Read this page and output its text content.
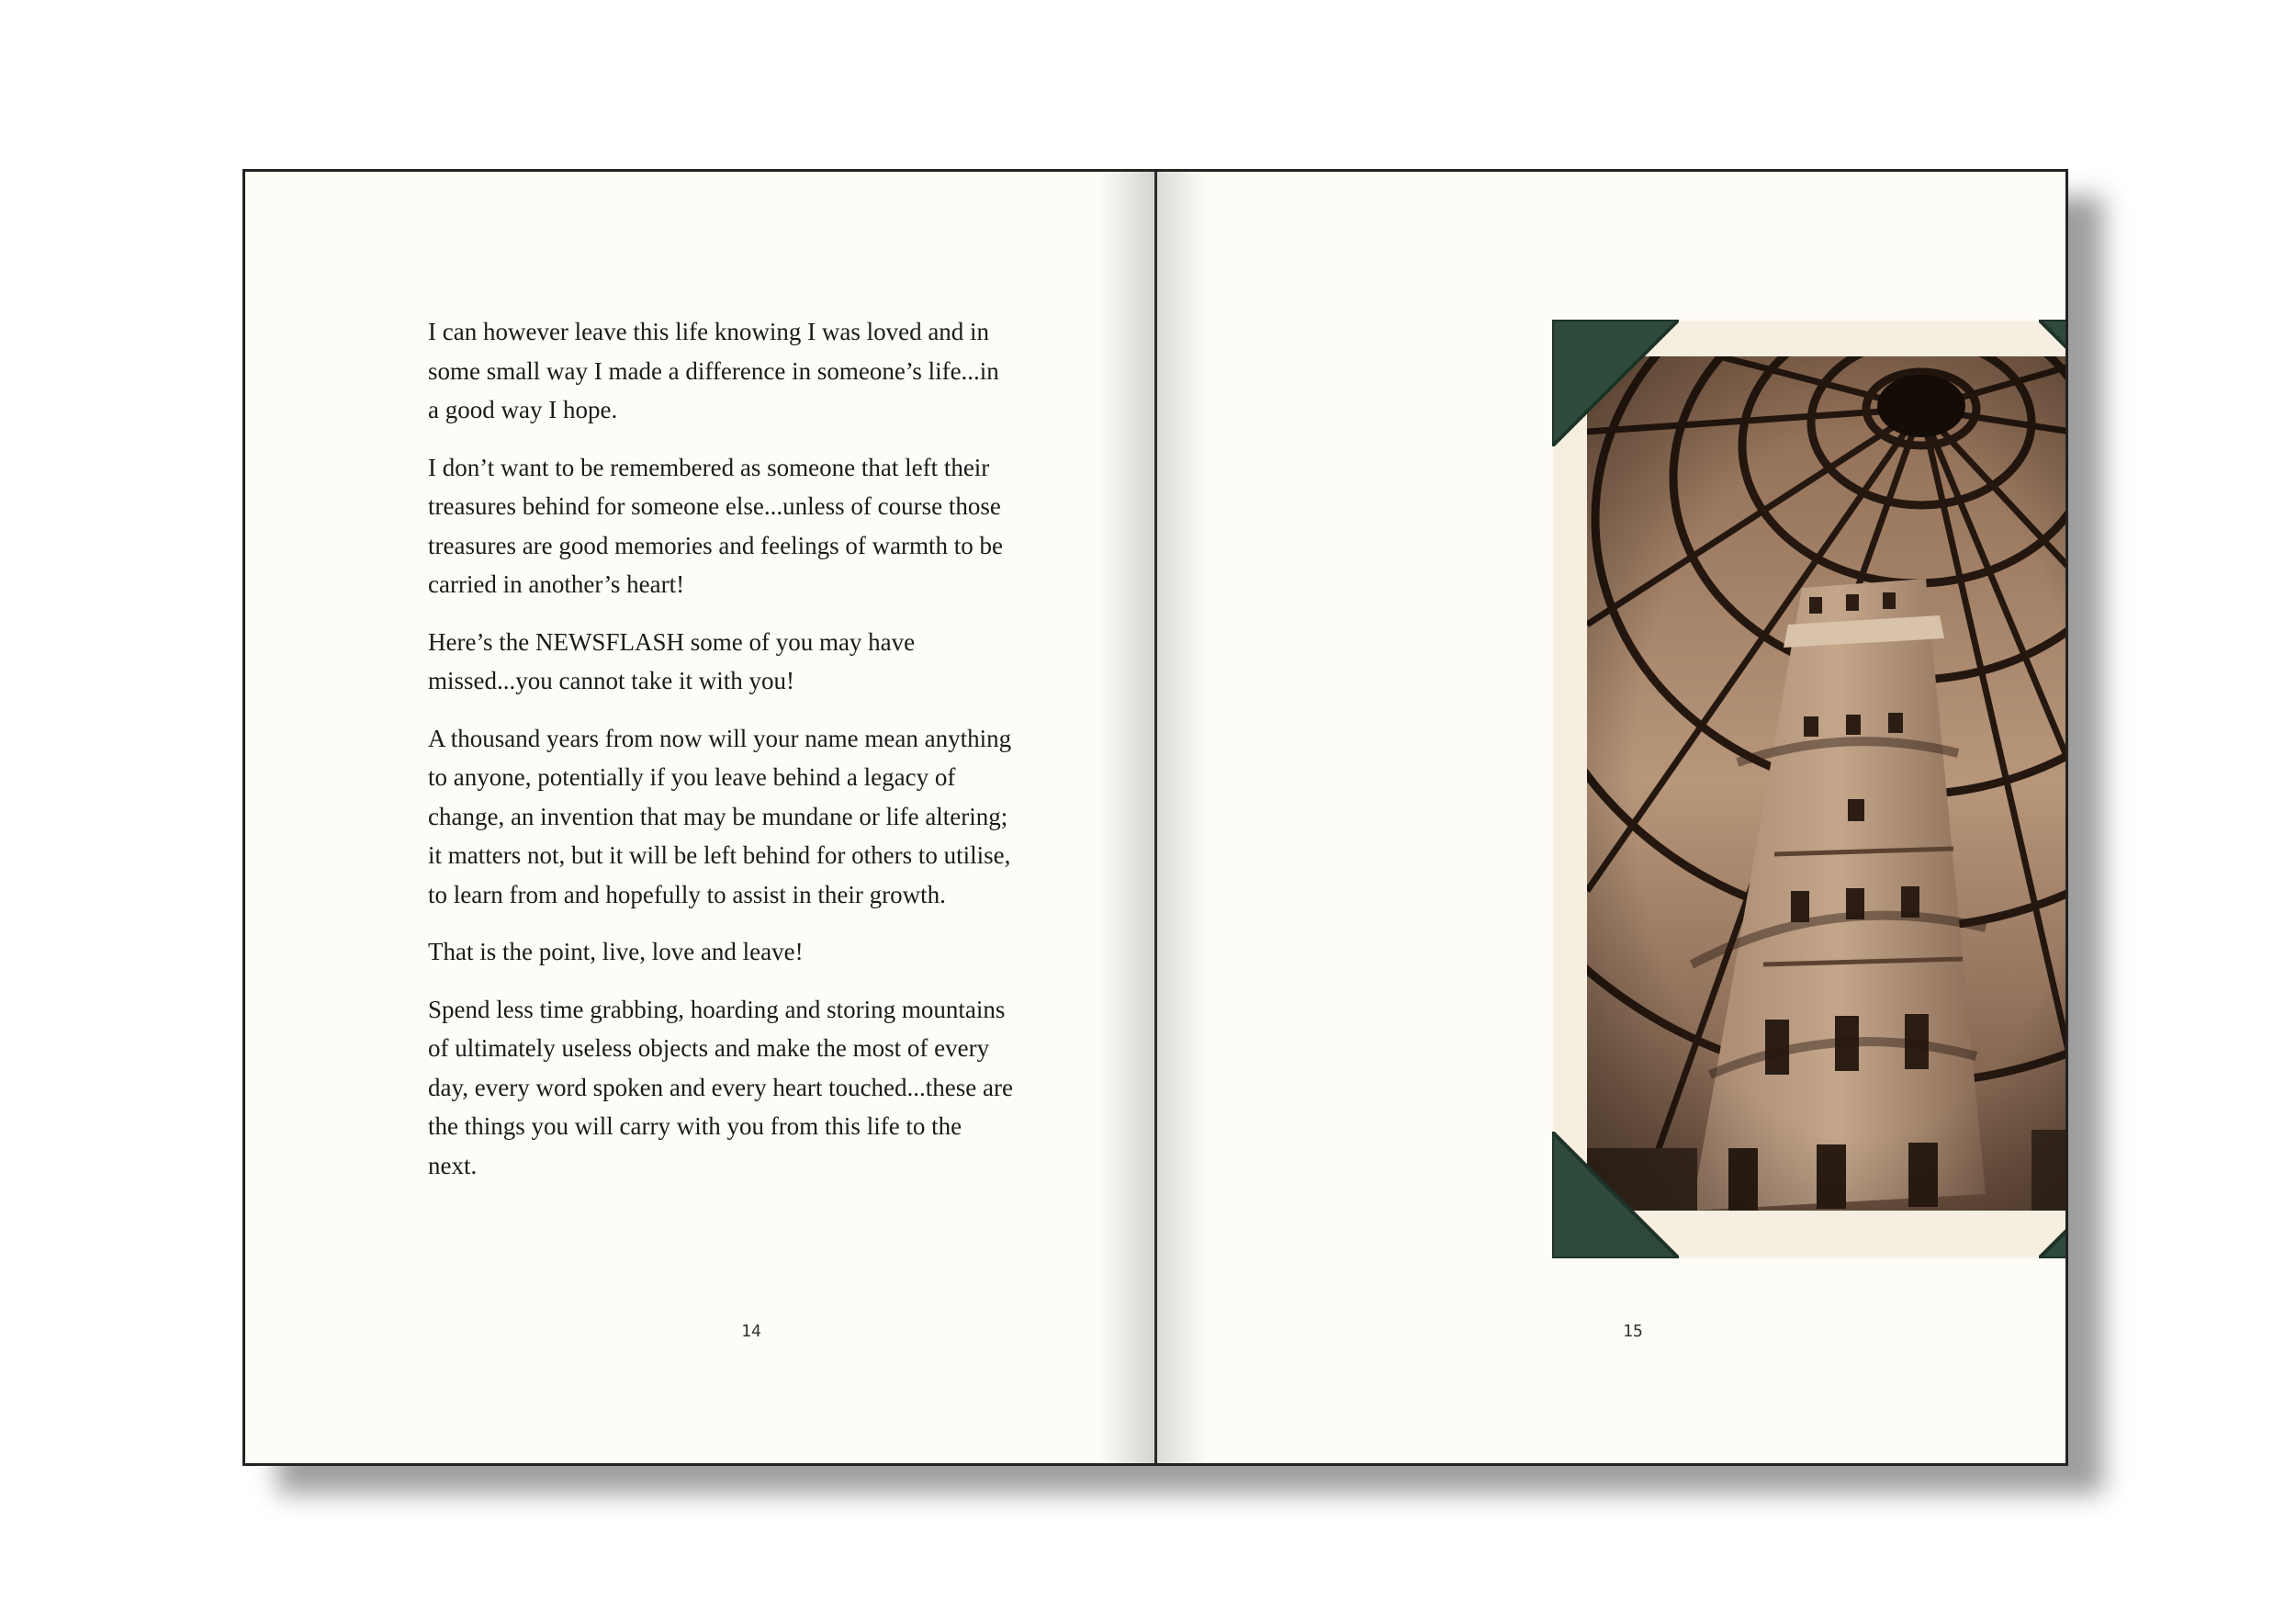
I can however leave this life knowing I was loved and in some small way I made a difference in someone’s life...in a good way I hope.

I don’t want to be remembered as someone that left their treasures behind for someone else...unless of course those treasures are good memories and feelings of warmth to be carried in another’s heart!

Here’s the NEWSFLASH some of you may have missed...you cannot take it with you!

A thousand years from now will your name mean anything to anyone, potentially if you leave behind a legacy of change, an invention that may be mundane or life altering; it matters not, but it will be left behind for others to utilise, to learn from and hopefully to assist in their growth.

That is the point, live, love and leave!

Spend less time grabbing, hoarding and storing mountains of ultimately useless objects and make the most of every day, every word spoken and every heart touched...these are the things you will carry with you from this life to the next.

14	15
